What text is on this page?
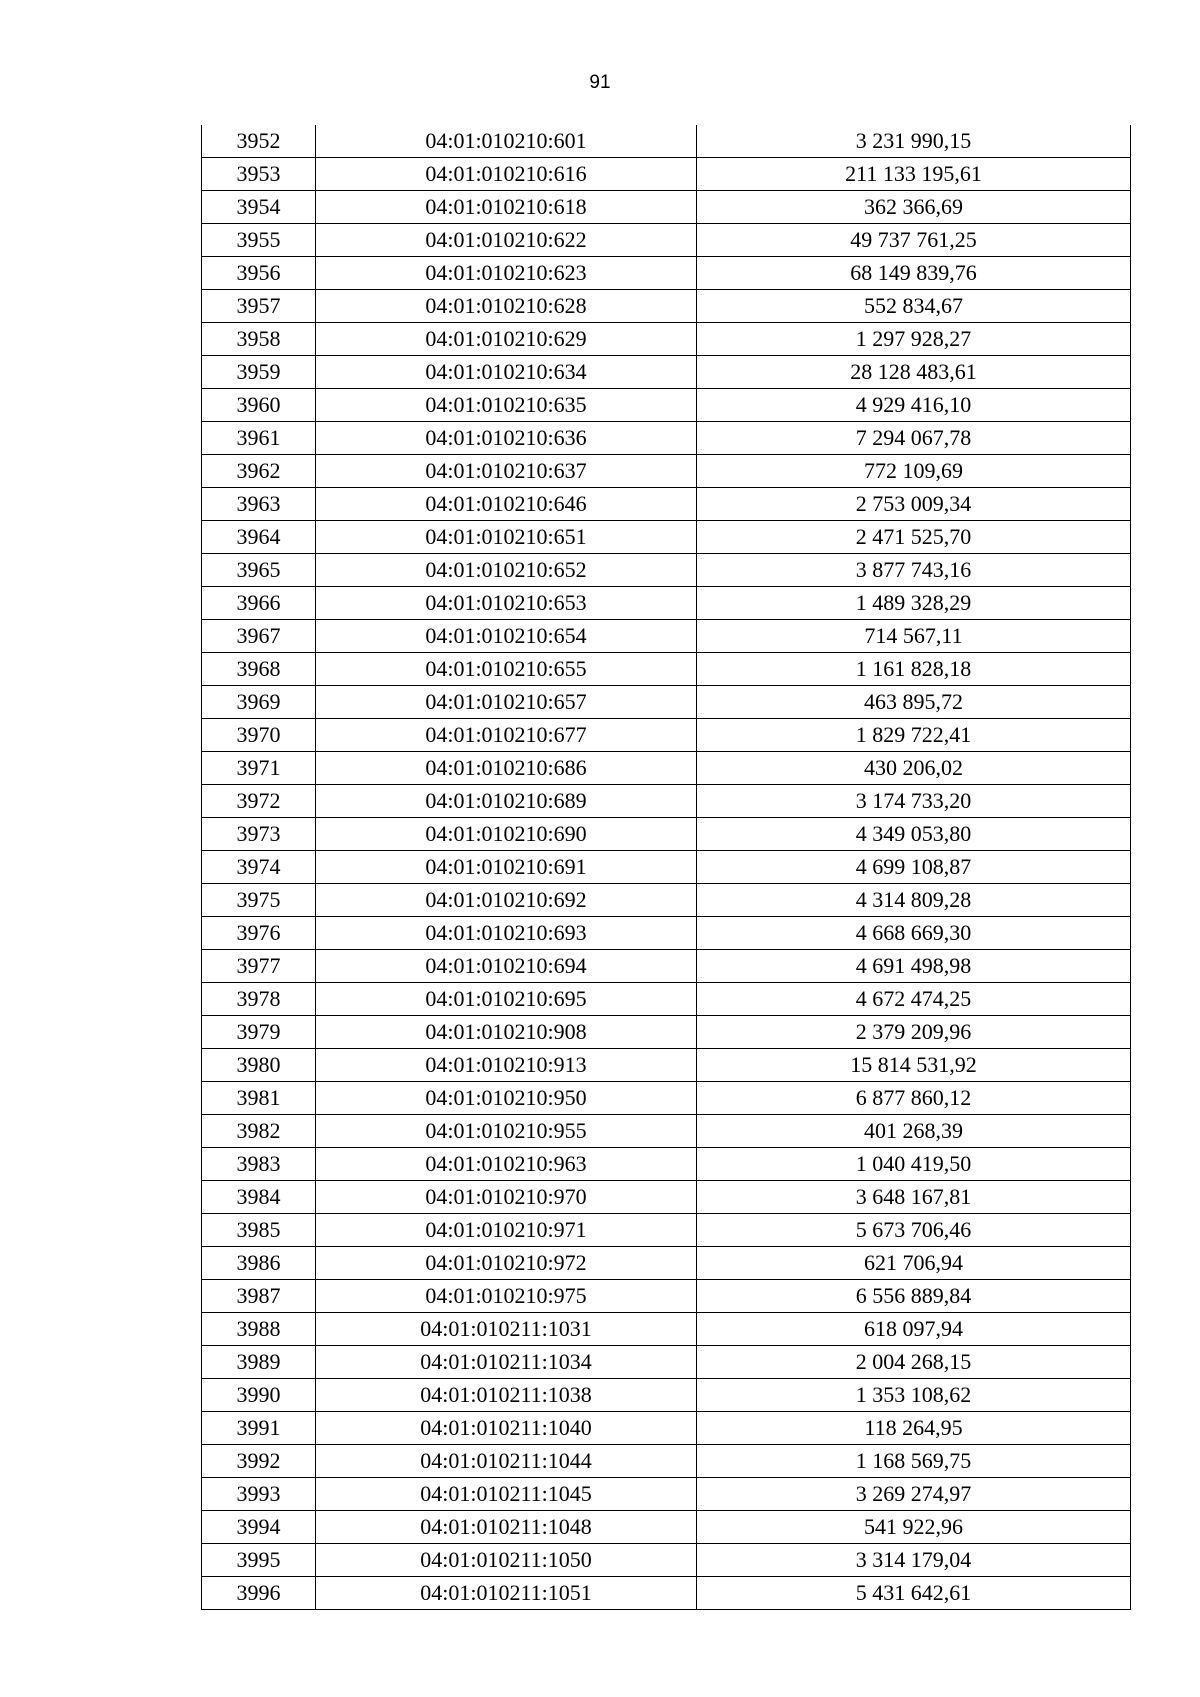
91
3952	04:01:010210:601	3 231 990,15
3953	04:01:010210:616	211 133 195,61
3954	04:01:010210:618	362 366,69
3955	04:01:010210:622	49 737 761,25
3956	04:01:010210:623	68 149 839,76
3957	04:01:010210:628	552 834,67
3958	04:01:010210:629	1 297 928,27
3959	04:01:010210:634	28 128 483,61
3960	04:01:010210:635	4 929 416,10
3961	04:01:010210:636	7 294 067,78
3962	04:01:010210:637	772 109,69
3963	04:01:010210:646	2 753 009,34
3964	04:01:010210:651	2 471 525,70
3965	04:01:010210:652	3 877 743,16
3966	04:01:010210:653	1 489 328,29
3967	04:01:010210:654	714 567,11
3968	04:01:010210:655	1 161 828,18
3969	04:01:010210:657	463 895,72
3970	04:01:010210:677	1 829 722,41
3971	04:01:010210:686	430 206,02
3972	04:01:010210:689	3 174 733,20
3973	04:01:010210:690	4 349 053,80
3974	04:01:010210:691	4 699 108,87
3975	04:01:010210:692	4 314 809,28
3976	04:01:010210:693	4 668 669,30
3977	04:01:010210:694	4 691 498,98
3978	04:01:010210:695	4 672 474,25
3979	04:01:010210:908	2 379 209,96
3980	04:01:010210:913	15 814 531,92
3981	04:01:010210:950	6 877 860,12
3982	04:01:010210:955	401 268,39
3983	04:01:010210:963	1 040 419,50
3984	04:01:010210:970	3 648 167,81
3985	04:01:010210:971	5 673 706,46
3986	04:01:010210:972	621 706,94
3987	04:01:010210:975	6 556 889,84
3988	04:01:010211:1031	618 097,94
3989	04:01:010211:1034	2 004 268,15
3990	04:01:010211:1038	1 353 108,62
3991	04:01:010211:1040	118 264,95
3992	04:01:010211:1044	1 168 569,75
3993	04:01:010211:1045	3 269 274,97
3994	04:01:010211:1048	541 922,96
3995	04:01:010211:1050	3 314 179,04
3996	04:01:010211:1051	5 431 642,61
